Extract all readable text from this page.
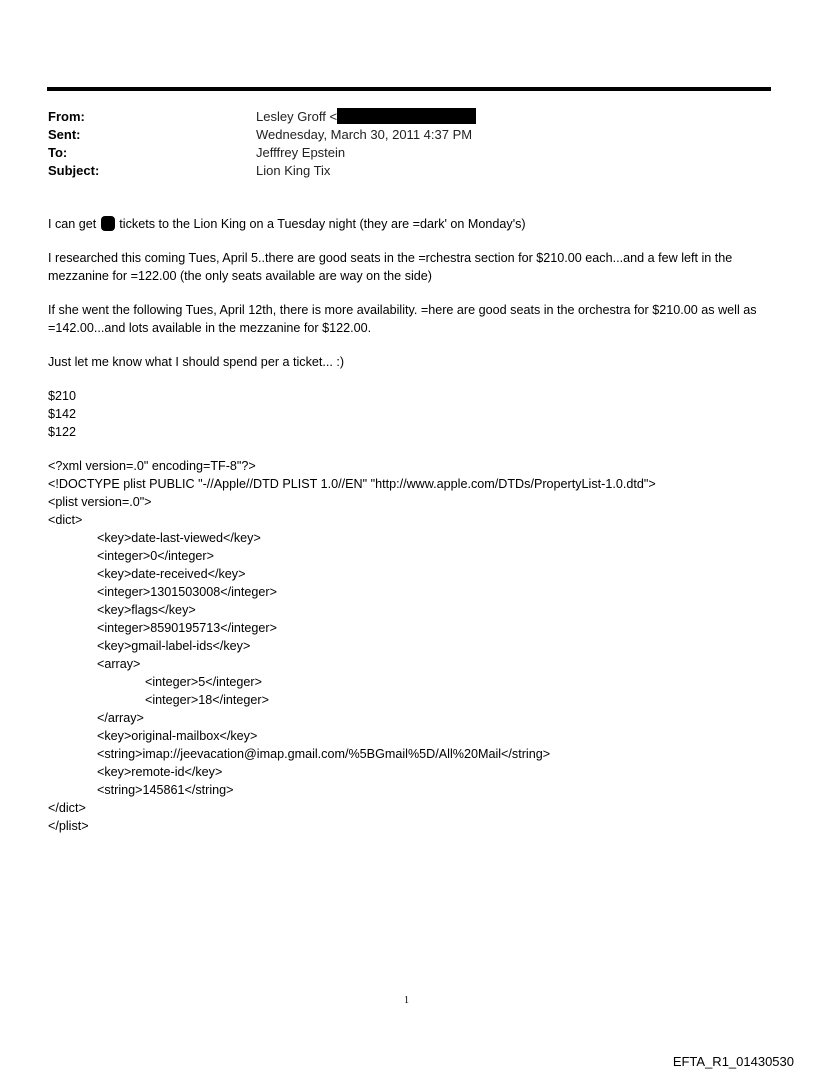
From:	Lesley Groff <
Sent:	Wednesday, March 30, 2011 4:37 PM
To:	Jefffrey Epstein
Subject:	Lion King Tix

I can get  tickets to the Lion King on a Tuesday night (they are =dark' on Monday's)

I researched this coming Tues, April 5..there are good seats in the =rchestra section for $210.00 each...and a few left in the mezzanine for =122.00 (the only seats available are way on the side)

If she went the following Tues, April 12th, there is more availability. =here are good seats in the orchestra for $210.00 as well as =142.00...and lots available in the mezzanine for $122.00.

Just let me know what I should spend per a ticket... :)

$210
$142
$122
<?xml version=.0" encoding=TF-8"?>
<!DOCTYPE plist PUBLIC "-//Apple//DTD PLIST 1.0//EN" "http://www.apple.com/DTDs/PropertyList-1.0.dtd">
<plist version=.0">
<dict>
<key>date-last-viewed</key>
<integer>0</integer>
<key>date-received</key>
<integer>1301503008</integer>
<key>flags</key>
<integer>8590195713</integer>
<key>gmail-label-ids</key>
<array>
<integer>5</integer>
<integer>18</integer>
</array>
<key>original-mailbox</key>
<string>imap://jeevacation@imap.gmail.com/%5BGmail%5D/All%20Mail</string>
<key>remote-id</key>
<string>145861</string>
</dict>
</plist>
1
EFTA_R1_01430530
